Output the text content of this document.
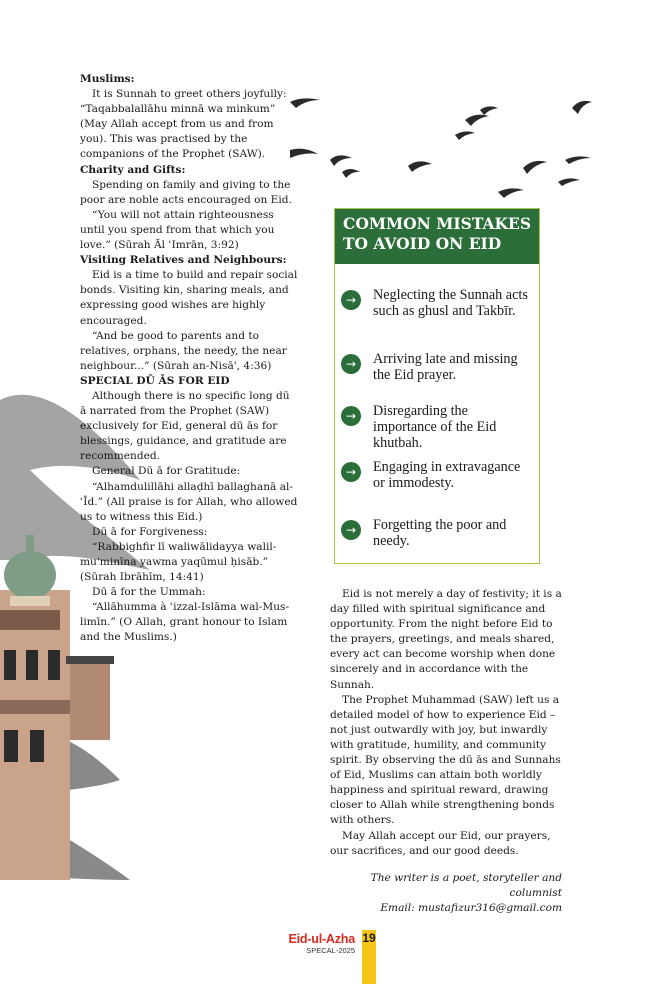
Muslims:

It is Sunnah to greet others joyfully: “Taqabbalallāhu minnā wa minkum” (May Allah accept from us and from you). This was practised by the companions of the Prophet (SAW).

Charity and Gifts:

Spending on family and giving to the poor are noble acts encouraged on Eid.

“You will not attain righteousness until you spend from that which you love.” (Sūrah Āl ʿImrān, 3:92)

Visiting Relatives and Neighbours:

Eid is a time to build and repair social bonds. Visiting kin, sharing meals, and expressing good wishes are highly encouraged.

“And be good to parents and to relatives, orphans, the needy, the near neighbour...” (Sūrah an-Nisā', 4:36)

SPECIAL DŪ ĀS FOR EID

Although there is no specific long dū ā narrated from the Prophet (SAW) exclusively for Eid, general dū ās for blessings, guidance, and gratitude are recommended.

General Dū ā for Gratitude:

“Alhamdulillāhi allaḍhī ballaghanā al-ʿĪd.” (All praise is for Allah, who allowed us to witness this Eid.)

Dū ā for Forgiveness:

“Rabbighfir lī waliwālidayya walil-mu'minīna yawma yaqūmul ḥisāb.” (Sūrah Ibrāhīm, 14:41)

Dū ā for the Ummah:

“Allāhumma à ʿizzal-Islāma wal-Mus-limīn.” (O Allah, grant honour to Islam and the Muslims.)

COMMON MISTAKES
TO AVOID ON EID
→	Neglecting the Sunnah acts such as ghusl and Takbīr.
→	Arriving late and missing the Eid prayer.
→	Disregarding the importance of the Eid khutbah.
→	Engaging in extravagance or immodesty.
→	Forgetting the poor and needy.

Eid is not merely a day of festivity; it is a day filled with spiritual significance and opportunity. From the night before Eid to the prayers, greetings, and meals shared, every act can become worship when done sincerely and in accordance with the Sunnah.

The Prophet Muhammad (SAW) left us a detailed model of how to experience Eid – not just outwardly with joy, but inwardly with gratitude, humility, and community spirit. By observing the dū ās and Sunnahs of Eid, Muslims can attain both worldly happiness and spiritual reward, drawing closer to Allah while strengthening bonds with others.

May Allah accept our Eid, our prayers, our sacrifices, and our good deeds.

The writer is a poet, storyteller and columnist
Email: mustafizur316@gmail.com

Eid-ul-Azha
SPECAL-2025
19
